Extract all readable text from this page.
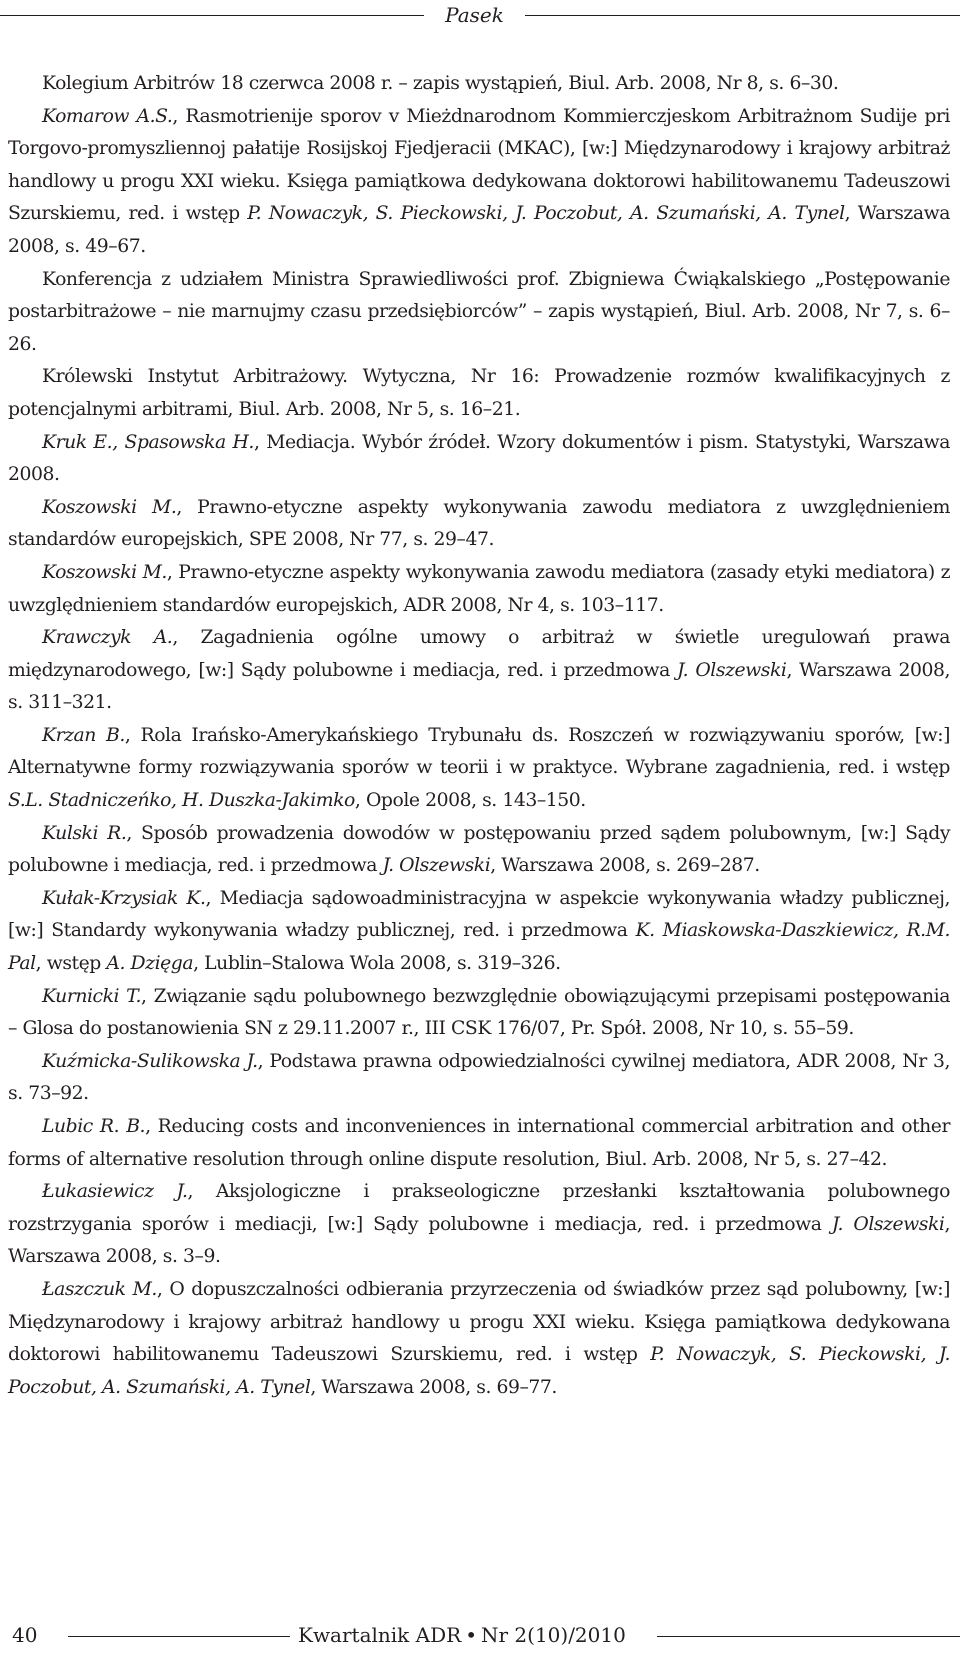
Pasek

Kolegium Arbitrów 18 czerwca 2008 r. – zapis wystąpień, Biul. Arb. 2008, Nr 8, s. 6–30.

Komarow A.S., Rasmotrienije sporov v Mieżdnarodnom Kommierczjeskom Arbitrażnom Sudije pri Torgovo-promyszliennoj pałatije Rosijskoj Fjedjeracii (MKAC), [w:] Międzynarodowy i krajowy arbitraż handlowy u progu XXI wieku. Księga pamiątkowa dedykowana doktorowi habilitowanemu Tadeuszowi Szurskiemu, red. i wstęp P. Nowaczyk, S. Pieckowski, J. Poczobut, A. Szumański, A. Tynel, Warszawa 2008, s. 49–67.

Konferencja z udziałem Ministra Sprawiedliwości prof. Zbigniewa Ćwiąkalskiego „Postępowanie postarbitrażowe – nie marnujmy czasu przedsiębiorców” – zapis wystąpień, Biul. Arb. 2008, Nr 7, s. 6–26.

Królewski Instytut Arbitrażowy. Wytyczna, Nr 16: Prowadzenie rozmów kwalifikacyjnych z potencjalnymi arbitrami, Biul. Arb. 2008, Nr 5, s. 16–21.

Kruk E., Spasowska H., Mediacja. Wybór źródeł. Wzory dokumentów i pism. Statystyki, Warszawa 2008.

Koszowski M., Prawno-etyczne aspekty wykonywania zawodu mediatora z uwzględnieniem standardów europejskich, SPE 2008, Nr 77, s. 29–47.

Koszowski M., Prawno-etyczne aspekty wykonywania zawodu mediatora (zasady etyki mediatora) z uwzględnieniem standardów europejskich, ADR 2008, Nr 4, s. 103–117.

Krawczyk A., Zagadnienia ogólne umowy o arbitraż w świetle uregulowań prawa międzynarodowego, [w:] Sądy polubowne i mediacja, red. i przedmowa J. Olszewski, Warszawa 2008, s. 311–321.

Krzan B., Rola Irańsko-Amerykańskiego Trybunału ds. Roszczeń w rozwiązywaniu sporów, [w:] Alternatywne formy rozwiązywania sporów w teorii i w praktyce. Wybrane zagadnienia, red. i wstęp S.L. Stadniczeńko, H. Duszka-Jakimko, Opole 2008, s. 143–150.

Kulski R., Sposób prowadzenia dowodów w postępowaniu przed sądem polubownym, [w:] Sądy polubowne i mediacja, red. i przedmowa J. Olszewski, Warszawa 2008, s. 269–287.

Kułak-Krzysiak K., Mediacja sądowoadministracyjna w aspekcie wykonywania władzy publicznej, [w:] Standardy wykonywania władzy publicznej, red. i przedmowa K. Miaskowska-Daszkiewicz, R.M. Pal, wstęp A. Dzięga, Lublin–Stalowa Wola 2008, s. 319–326.

Kurnicki T., Związanie sądu polubownego bezwzględnie obowiązującymi przepisami postępowania – Glosa do postanowienia SN z 29.11.2007 r., III CSK 176/07, Pr. Spół. 2008, Nr 10, s. 55–59.

Kuźmicka-Sulikowska J., Podstawa prawna odpowiedzialności cywilnej mediatora, ADR 2008, Nr 3, s. 73–92.

Lubic R. B., Reducing costs and inconveniences in international commercial arbitration and other forms of alternative resolution through online dispute resolution, Biul. Arb. 2008, Nr 5, s. 27–42.

Łukasiewicz J., Aksjologiczne i prakseologiczne przesłanki kształtowania polubownego rozstrzygania sporów i mediacji, [w:] Sądy polubowne i mediacja, red. i przedmowa J. Olszewski, Warszawa 2008, s. 3–9.

Łaszczuk M., O dopuszczalności odbierania przyrzeczenia od świadków przez sąd polubowny, [w:] Międzynarodowy i krajowy arbitraż handlowy u progu XXI wieku. Księga pamiątkowa dedykowana doktorowi habilitowanemu Tadeuszowi Szurskiemu, red. i wstęp P. Nowaczyk, S. Pieckowski, J. Poczobut, A. Szumański, A. Tynel, Warszawa 2008, s. 69–77.

40	Kwartalnik ADR • Nr 2(10)/2010
